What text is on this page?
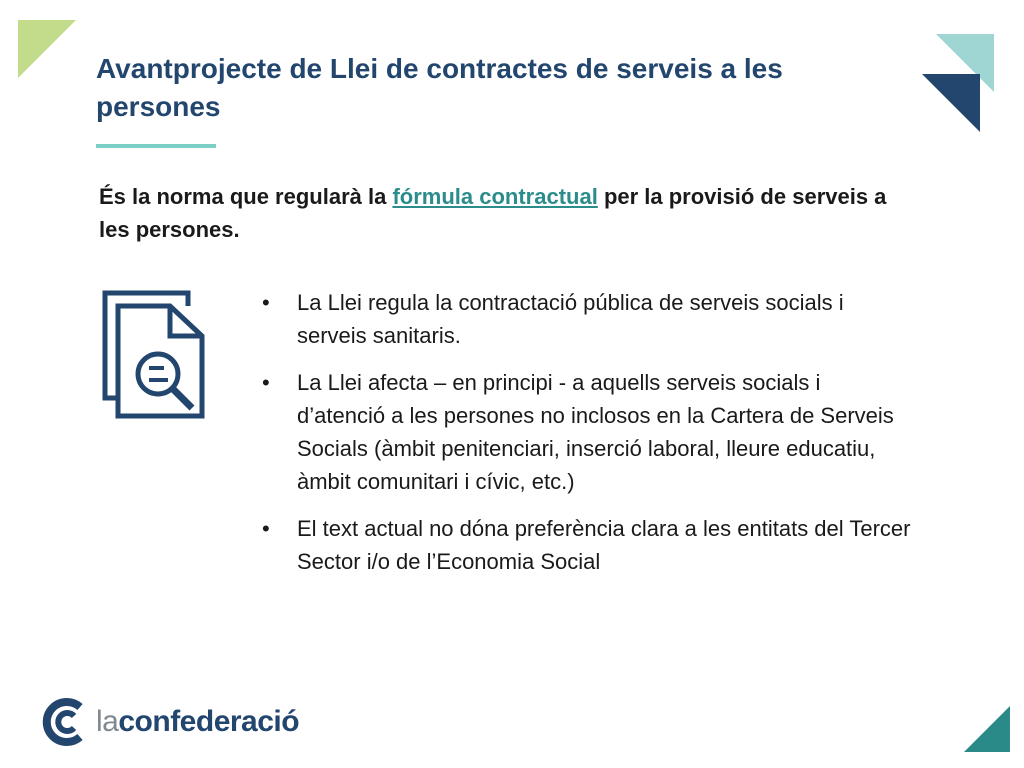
Avantprojecte de Llei de contractes de serveis a les persones

És la norma que regularà la fórmula contractual per la provisió de serveis a les persones.

• La Llei regula la contractació pública de serveis socials i serveis sanitaris.
• La Llei afecta – en principi - a aquells serveis socials i d’atenció a les persones no inclosos en la Cartera de Serveis Socials (àmbit penitenciari, inserció laboral, lleure educatiu, àmbit comunitari i cívic, etc.)
• El text actual no dóna preferència clara a les entitats del Tercer Sector i/o de l’Economia Social
laconfederació
